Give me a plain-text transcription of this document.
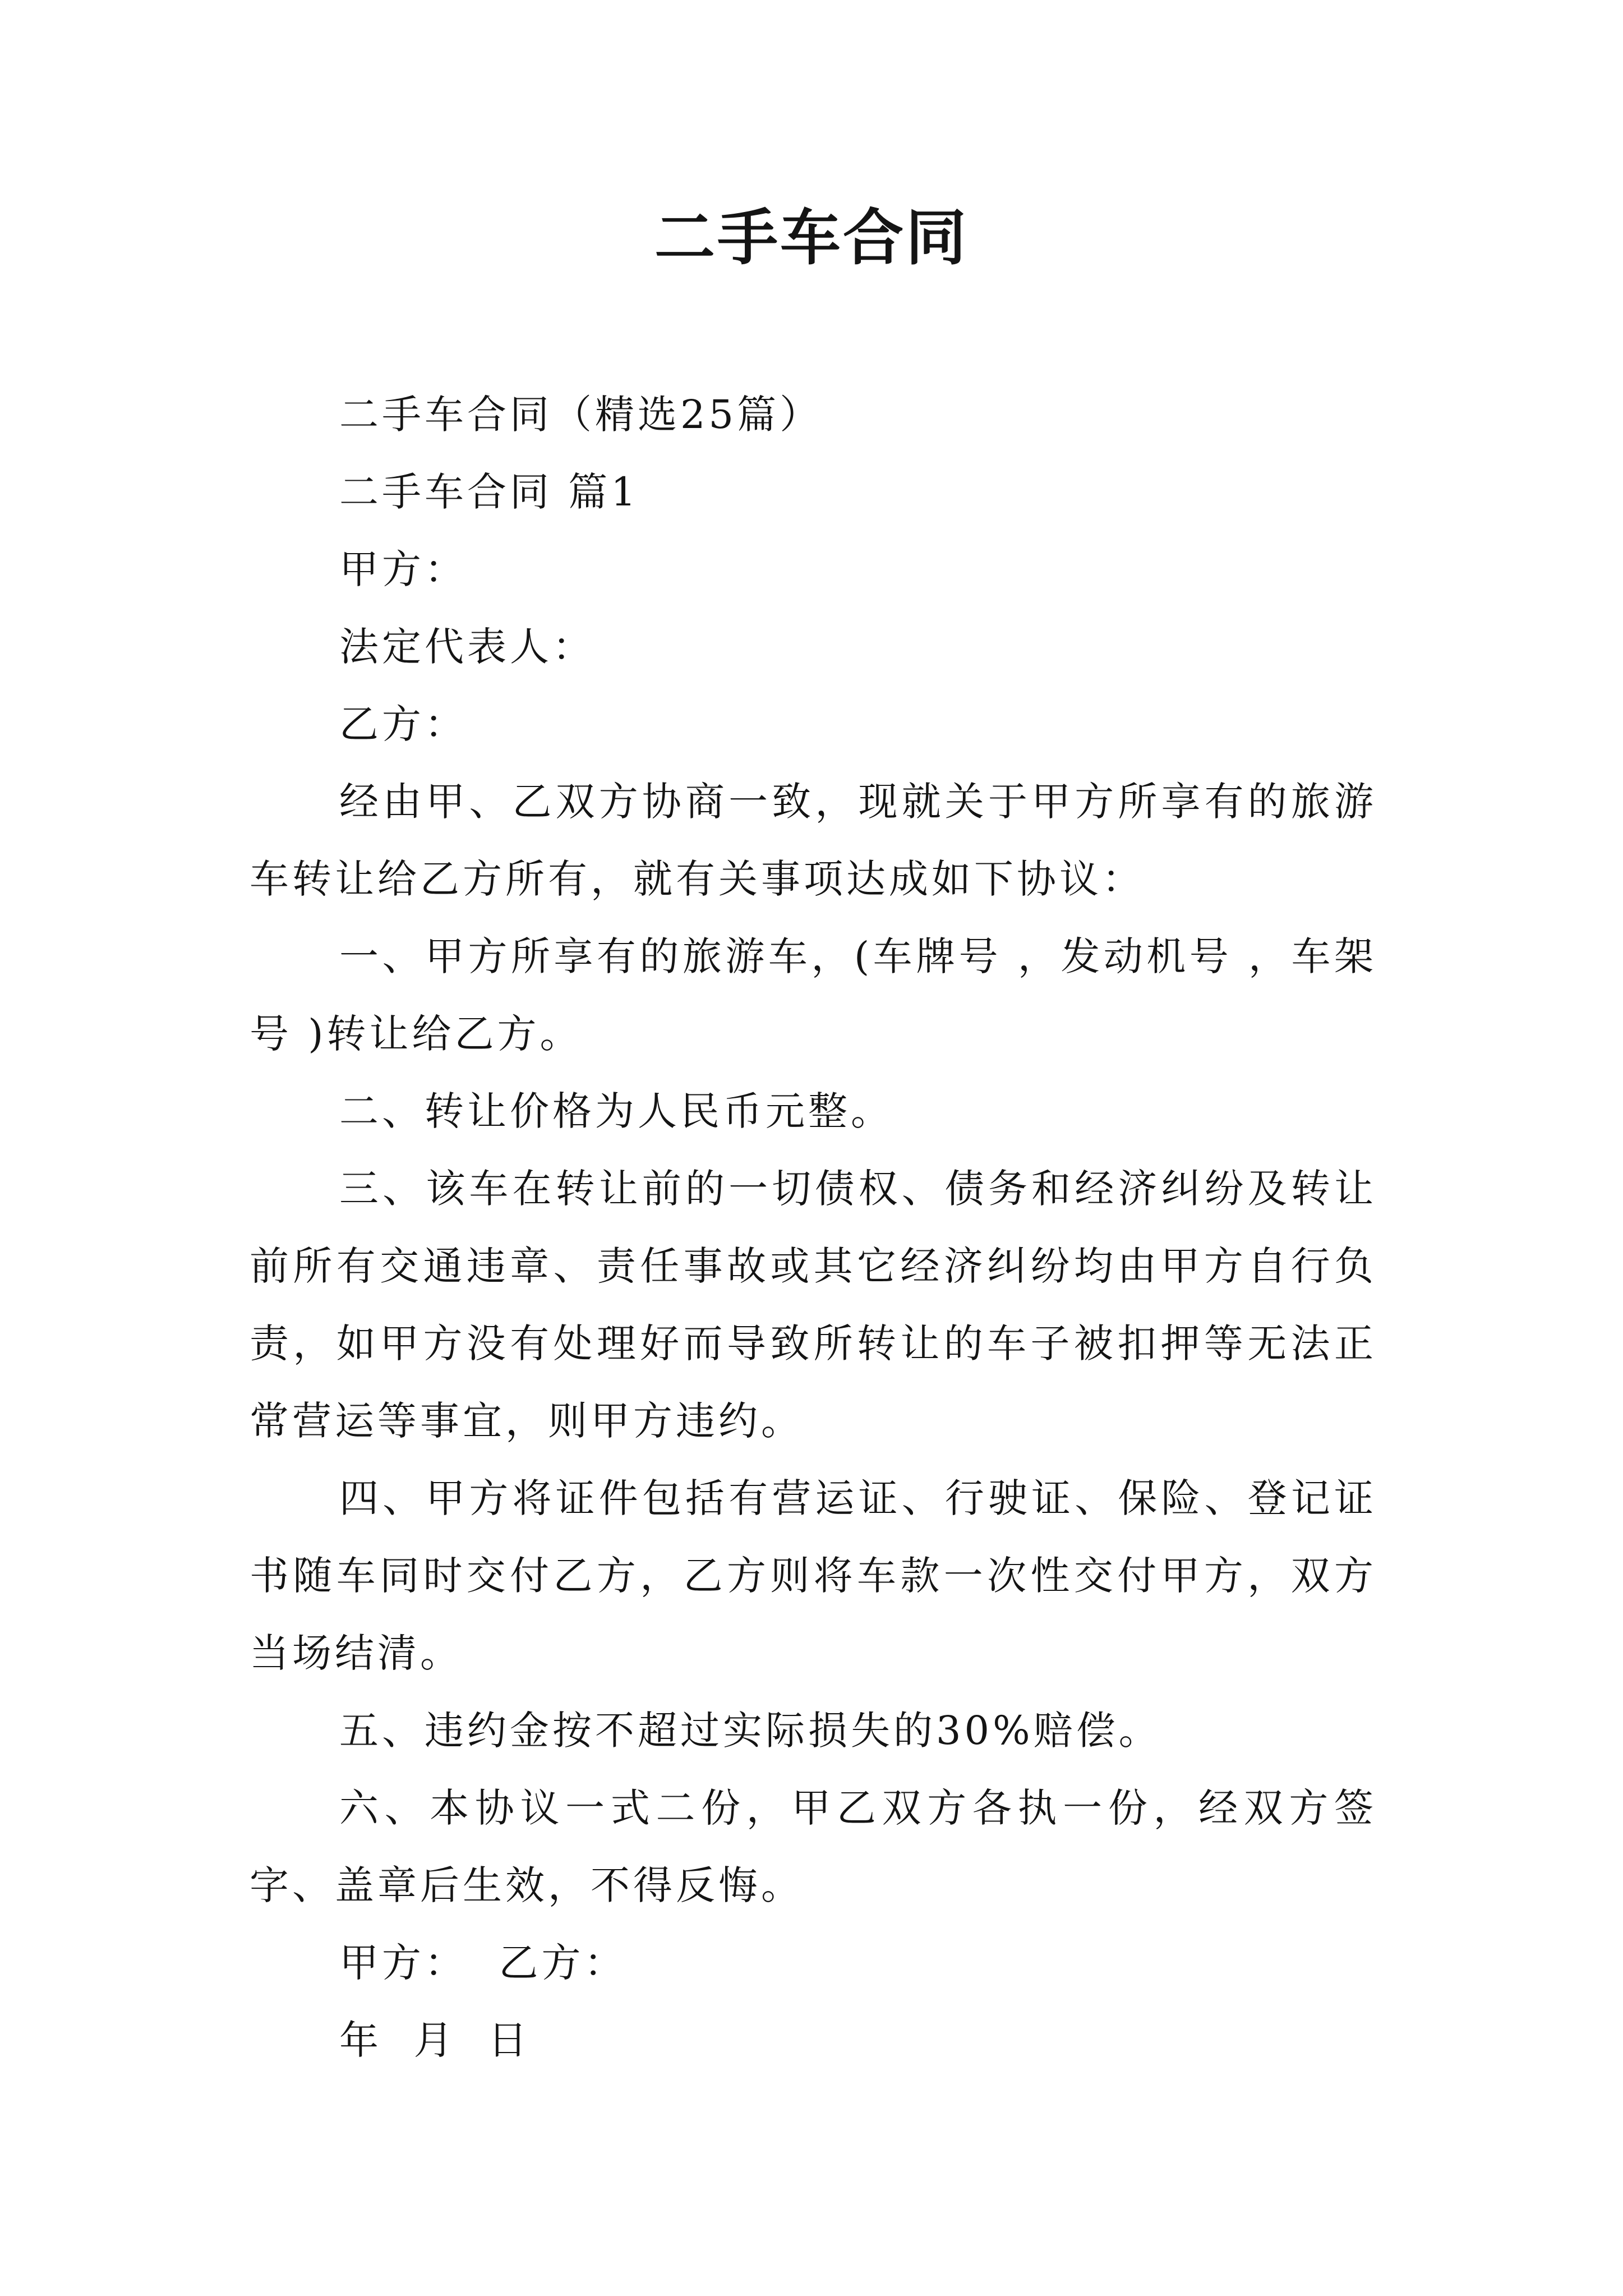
二手车合同

二手车合同（精选25篇）

二手车合同 篇1

甲方：

法定代表人：

乙方：

经由甲、乙双方协商一致，现就关于甲方所享有的旅游车转让给乙方所有，就有关事项达成如下协议：

一、甲方所享有的旅游车，(车牌号 ，发动机号 ，车架号 )转让给乙方。

二、转让价格为人民币元整。

三、该车在转让前的一切债权、债务和经济纠纷及转让前所有交通违章、责任事故或其它经济纠纷均由甲方自行负责，如甲方没有处理好而导致所转让的车子被扣押等无法正常营运等事宜，则甲方违约。

四、甲方将证件包括有营运证、行驶证、保险、登记证书随车同时交付乙方，乙方则将车款一次性交付甲方，双方当场结清。

五、违约金按不超过实际损失的30%赔偿。

六、本协议一式二份，甲乙双方各执一份，经双方签字、盖章后生效，不得反悔。

甲方：  乙方：

年  月  日
